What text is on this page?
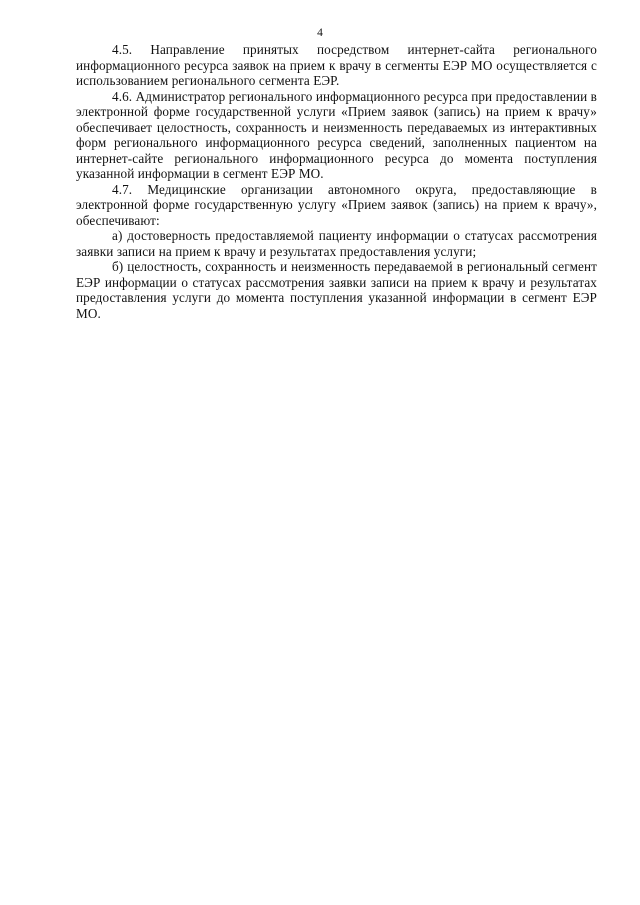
4

4.5. Направление принятых посредством интернет-сайта регионального информационного ресурса заявок на прием к врачу в сегменты ЕЭР МО осуществляется с использованием регионального сегмента ЕЭР.

4.6. Администратор регионального информационного ресурса при предоставлении в электронной форме государственной услуги «Прием заявок (запись) на прием к врачу» обеспечивает целостность, сохранность и неизменность передаваемых из интерактивных форм регионального информационного ресурса сведений, заполненных пациентом на интернет-сайте регионального информационного ресурса до момента поступления указанной информации в сегмент ЕЭР МО.

4.7. Медицинские организации автономного округа, предоставляющие в электронной форме государственную услугу «Прием заявок (запись) на прием к врачу», обеспечивают:

а) достоверность предоставляемой пациенту информации о статусах рассмотрения заявки записи на прием к врачу и результатах предоставления услуги;

б) целостность, сохранность и неизменность передаваемой в региональный сегмент ЕЭР информации о статусах рассмотрения заявки записи на прием к врачу и результатах предоставления услуги до момента поступления указанной информации в сегмент ЕЭР МО.
